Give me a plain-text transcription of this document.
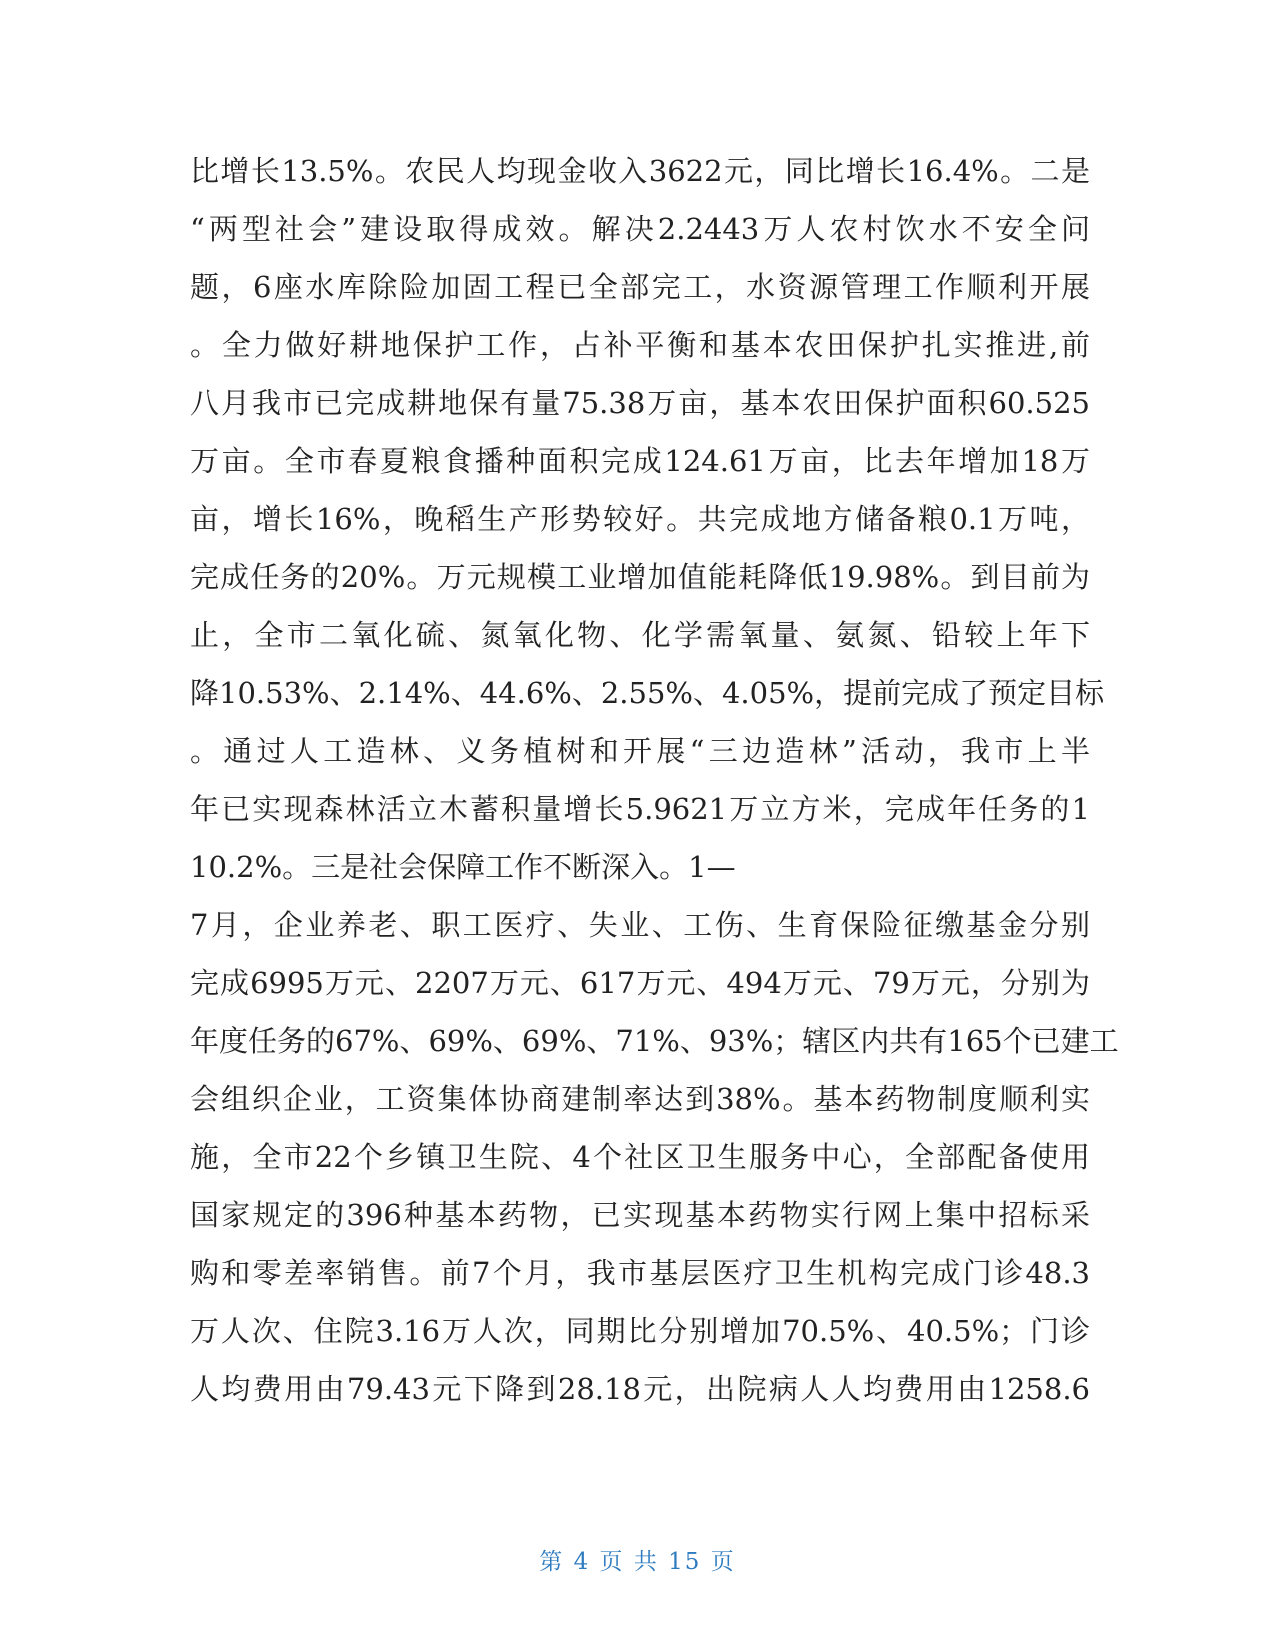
比增长13.5%。农民人均现金收入3622元，同比增长16.4%。二是
“两型社会”建设取得成效。解决2.2443万人农村饮水不安全问
题，6座水库除险加固工程已全部完工，水资源管理工作顺利开展
。全力做好耕地保护工作，占补平衡和基本农田保护扎实推进,前
八月我市已完成耕地保有量75.38万亩，基本农田保护面积60.525
万亩。全市春夏粮食播种面积完成124.61万亩，比去年增加18万
亩，增长16%，晚稻生产形势较好。共完成地方储备粮0.1万吨，
完成任务的20%。万元规模工业增加值能耗降低19.98%。到目前为
止，全市二氧化硫、氮氧化物、化学需氧量、氨氮、铅较上年下
降10.53%、2.14%、44.6%、2.55%、4.05%，提前完成了预定目标
。通过人工造林、义务植树和开展“三边造林”活动，我市上半
年已实现森林活立木蓄积量增长5.9621万立方米，完成年任务的1
10.2%。三是社会保障工作不断深入。1—
7月，企业养老、职工医疗、失业、工伤、生育保险征缴基金分别
完成6995万元、2207万元、617万元、494万元、79万元，分别为
年度任务的67%、69%、69%、71%、93%；辖区内共有165个已建工
会组织企业，工资集体协商建制率达到38%。基本药物制度顺利实
施，全市22个乡镇卫生院、4个社区卫生服务中心，全部配备使用
国家规定的396种基本药物，已实现基本药物实行网上集中招标采
购和零差率销售。前7个月，我市基层医疗卫生机构完成门诊48.3
万人次、住院3.16万人次，同期比分别增加70.5%、40.5%；门诊
人均费用由79.43元下降到28.18元，出院病人人均费用由1258.6
第 4 页 共 15 页
